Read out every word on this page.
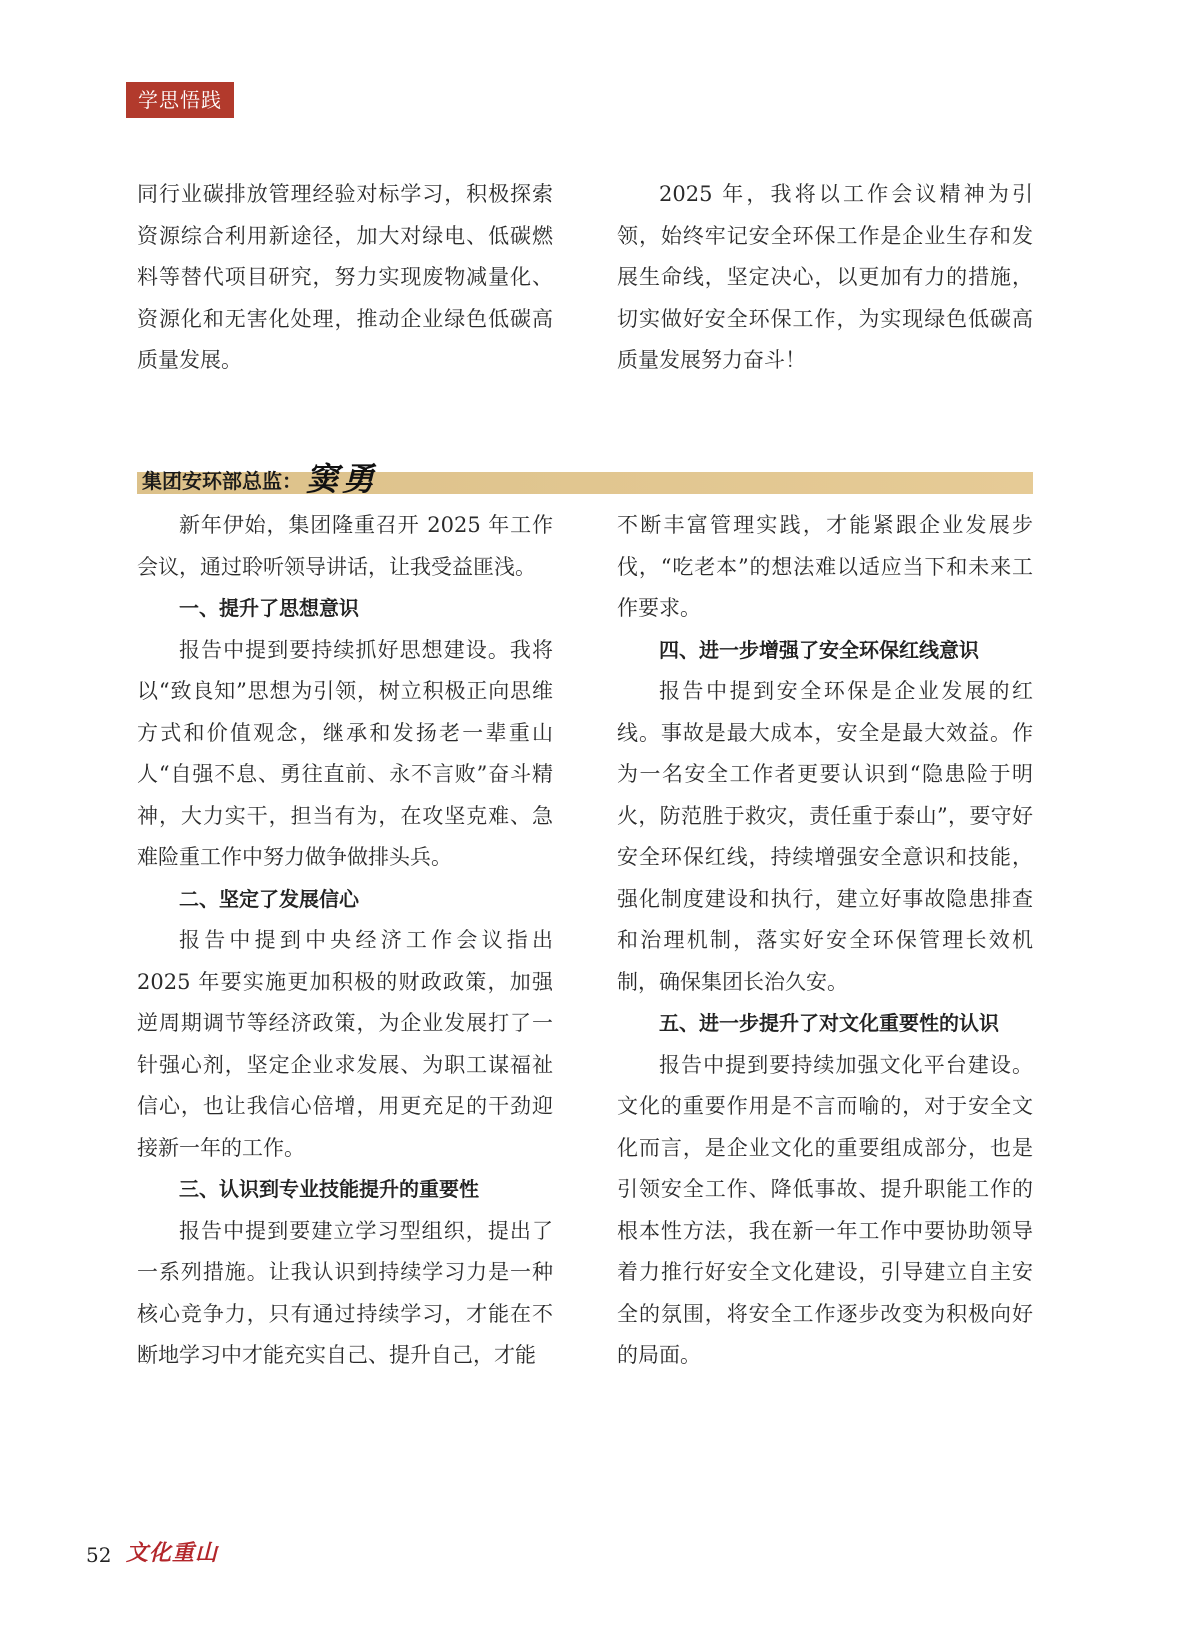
学思悟践

同行业碳排放管理经验对标学习，积极探索资源综合利用新途径，加大对绿电、低碳燃料等替代项目研究，努力实现废物减量化、资源化和无害化处理，推动企业绿色低碳高质量发展。

2025 年，我将以工作会议精神为引领，始终牢记安全环保工作是企业生存和发展生命线，坚定决心，以更加有力的措施，切实做好安全环保工作，为实现绿色低碳高质量发展努力奋斗！

集团安环部总监： 窦勇

新年伊始，集团隆重召开 2025 年工作会议，通过聆听领导讲话，让我受益匪浅。

一、提升了思想意识

报告中提到要持续抓好思想建设。我将以“致良知”思想为引领，树立积极正向思维方式和价值观念，继承和发扬老一辈重山人“自强不息、勇往直前、永不言败”奋斗精神，大力实干，担当有为，在攻坚克难、急难险重工作中努力做争做排头兵。

二、坚定了发展信心

报告中提到中央经济工作会议指出 2025 年要实施更加积极的财政政策，加强逆周期调节等经济政策，为企业发展打了一针强心剂，坚定企业求发展、为职工谋福祉信心，也让我信心倍增，用更充足的干劲迎接新一年的工作。

三、认识到专业技能提升的重要性

报告中提到要建立学习型组织，提出了一系列措施。让我认识到持续学习力是一种核心竞争力，只有通过持续学习，才能在不断地学习中才能充实自己、提升自己，才能

不断丰富管理实践，才能紧跟企业发展步伐，“吃老本”的想法难以适应当下和未来工作要求。

四、进一步增强了安全环保红线意识

报告中提到安全环保是企业发展的红线。事故是最大成本，安全是最大效益。作为一名安全工作者更要认识到“隐患险于明火，防范胜于救灾，责任重于泰山”，要守好安全环保红线，持续增强安全意识和技能，强化制度建设和执行，建立好事故隐患排查和治理机制，落实好安全环保管理长效机制，确保集团长治久安。

五、进一步提升了对文化重要性的认识

报告中提到要持续加强文化平台建设。文化的重要作用是不言而喻的，对于安全文化而言，是企业文化的重要组成部分，也是引领安全工作、降低事故、提升职能工作的根本性方法，我在新一年工作中要协助领导着力推行好安全文化建设，引导建立自主安全的氛围，将安全工作逐步改变为积极向好的局面。

52 文化重山
